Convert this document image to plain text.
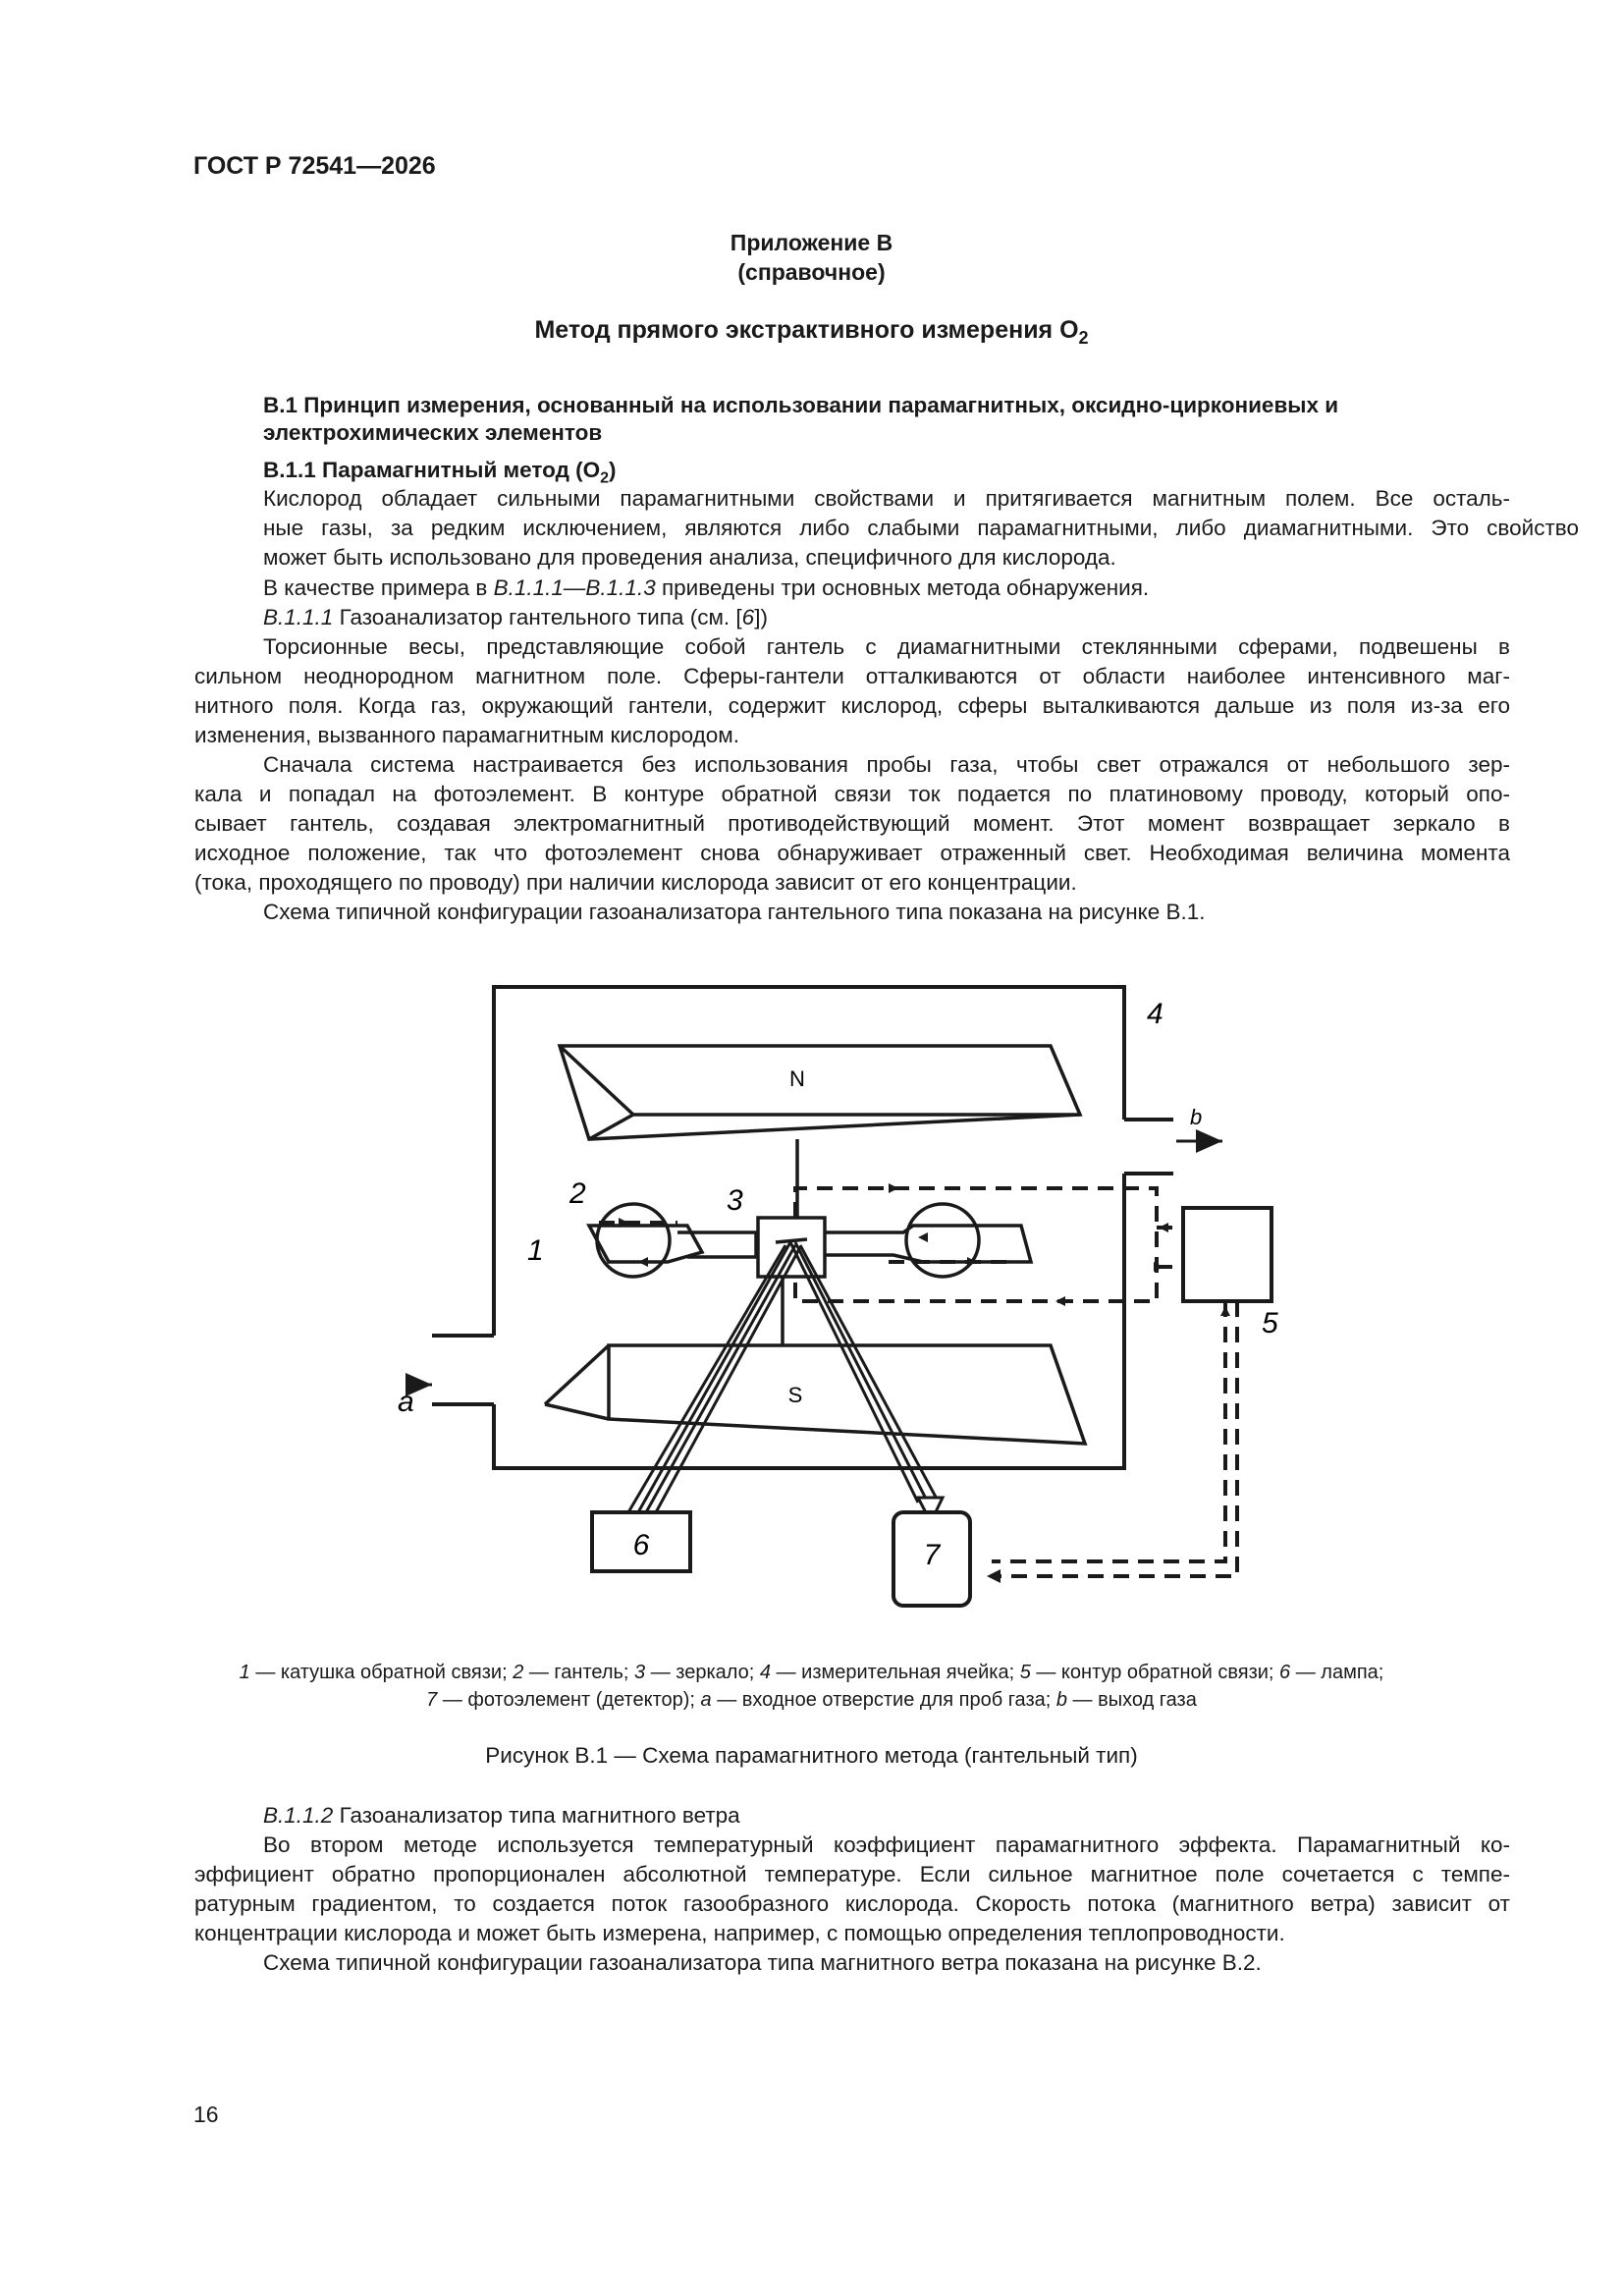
ГОСТ Р 72541—2026
Приложение В
(справочное)
Метод прямого экстрактивного измерения $O_2$
В.1 Принцип измерения, основанный на использовании парамагнитных, оксидно-циркониевых и
электрохимических элементов
В.1.1 Парамагнитный метод $(O_2)$
Кислород обладает сильными парамагнитными свойствами и притягивается магнитным полем. Все осталь-
ные газы, за редким исключением, являются либо слабыми парамагнитными, либо диамагнитными. Это свойство
может быть использовано для проведения анализа, специфичного для кислорода.
В качестве примера в В.1.1.1—В.1.1.3 приведены три основных метода обнаружения.
В.1.1.1 Газоанализатор гантельного типа (см. [6])
Торсионные весы, представляющие собой гантель с диамагнитными стеклянными сферами, подвешены в
сильном неоднородном магнитном поле. Сферы-гантели отталкиваются от области наиболее интенсивного маг-
нитного поля. Когда газ, окружающий гантели, содержит кислород, сферы выталкиваются дальше из поля из-за его
изменения, вызванного парамагнитным кислородом.
Сначала система настраивается без использования пробы газа, чтобы свет отражался от небольшого зер-
кала и попадал на фотоэлемент. В контуре обратной связи ток подается по платиновому проводу, который опо-
сывает гантель, создавая электромагнитный противодействующий момент. Этот момент возвращает зеркало в
исходное положение, так что фотоэлемент снова обнаруживает отраженный свет. Необходимая величина момента
(тока, проходящего по проводу) при наличии кислорода зависит от его концентрации.
Схема типичной конфигурации газоанализатора гантельного типа показана на рисунке В.1.
N
S
1
2	3
4
5
6	7
a
b
1 — катушка обратной связи; 2 — гантель; 3 — зеркало; 4 — измерительная ячейка; 5 — контур обратной связи; 6 — лампа;
7 — фотоэлемент (детектор); a — входное отверстие для проб газа; b — выход газа
Рисунок В.1 — Схема парамагнитного метода (гантельный тип)
В.1.1.2 Газоанализатор типа магнитного ветра
Во втором методе используется температурный коэффициент парамагнитного эффекта. Парамагнитный ко-
эффициент обратно пропорционален абсолютной температуре. Если сильное магнитное поле сочетается с темпе-
ратурным градиентом, то создается поток газообразного кислорода. Скорость потока (магнитного ветра) зависит от
концентрации кислорода и может быть измерена, например, с помощью определения теплопроводности.
Схема типичной конфигурации газоанализатора типа магнитного ветра показана на рисунке В.2.
16
